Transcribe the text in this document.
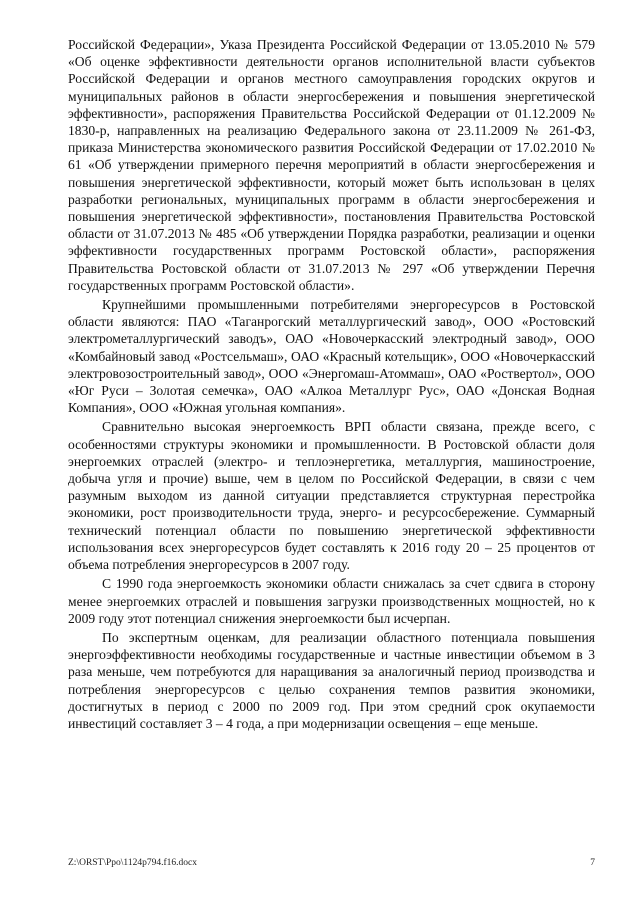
Российской Федерации», Указа Президента Российской Федерации от 13.05.2010 № 579 «Об оценке эффективности деятельности органов исполнительной власти субъектов Российской Федерации и органов местного самоуправления городских округов и муниципальных районов в области энергосбережения и повышения энергетической эффективности», распоряжения Правительства Российской Федерации от 01.12.2009 № 1830-р, направленных на реализацию Федерального закона от 23.11.2009 № 261-ФЗ, приказа Министерства экономического развития Российской Федерации от 17.02.2010 № 61 «Об утверждении примерного перечня мероприятий в области энергосбережения и повышения энергетической эффективности, который может быть использован в целях разработки региональных, муниципальных программ в области энергосбережения и повышения энергетической эффективности», постановления Правительства Ростовской области от 31.07.2013 № 485 «Об утверждении Порядка разработки, реализации и оценки эффективности государственных программ Ростовской области», распоряжения Правительства Ростовской области от 31.07.2013 № 297 «Об утверждении Перечня государственных программ Ростовской области».

Крупнейшими промышленными потребителями энергоресурсов в Ростовской области являются: ПАО «Таганрогский металлургический завод», ООО «Ростовский электрометаллургический заводъ», ОАО «Новочеркасский электродный завод», ООО «Комбайновый завод «Ростсельмаш», ОАО «Красный котельщик», ООО «Новочеркасский электровозостроительный завод», ООО «Энергомаш-Атоммаш», ОАО «Роствертол», ООО «Юг Руси – Золотая семечка», ОАО «Алкоа Металлург Рус», ОАО «Донская Водная Компания», ООО «Южная угольная компания».

Сравнительно высокая энергоемкость ВРП области связана, прежде всего, с особенностями структуры экономики и промышленности. В Ростовской области доля энергоемких отраслей (электро- и теплоэнергетика, металлургия, машиностроение, добыча угля и прочие) выше, чем в целом по Российской Федерации, в связи с чем разумным выходом из данной ситуации представляется структурная перестройка экономики, рост производительности труда, энерго- и ресурсосбережение. Суммарный технический потенциал области по повышению энергетической эффективности использования всех энергоресурсов будет составлять к 2016 году 20 – 25 процентов от объема потребления энергоресурсов в 2007 году.

С 1990 года энергоемкость экономики области снижалась за счет сдвига в сторону менее энергоемких отраслей и повышения загрузки производственных мощностей, но к 2009 году этот потенциал снижения энергоемкости был исчерпан.

По экспертным оценкам, для реализации областного потенциала повышения энергоэффективности необходимы государственные и частные инвестиции объемом в 3 раза меньше, чем потребуются для наращивания за аналогичный период производства и потребления энергоресурсов с целью сохранения темпов развития экономики, достигнутых в период с 2000 по 2009 год. При этом средний срок окупаемости инвестиций составляет 3 – 4 года, а при модернизации освещения – еще меньше.

Z:\ORST\Ppo\1124p794.f16.docx	7
